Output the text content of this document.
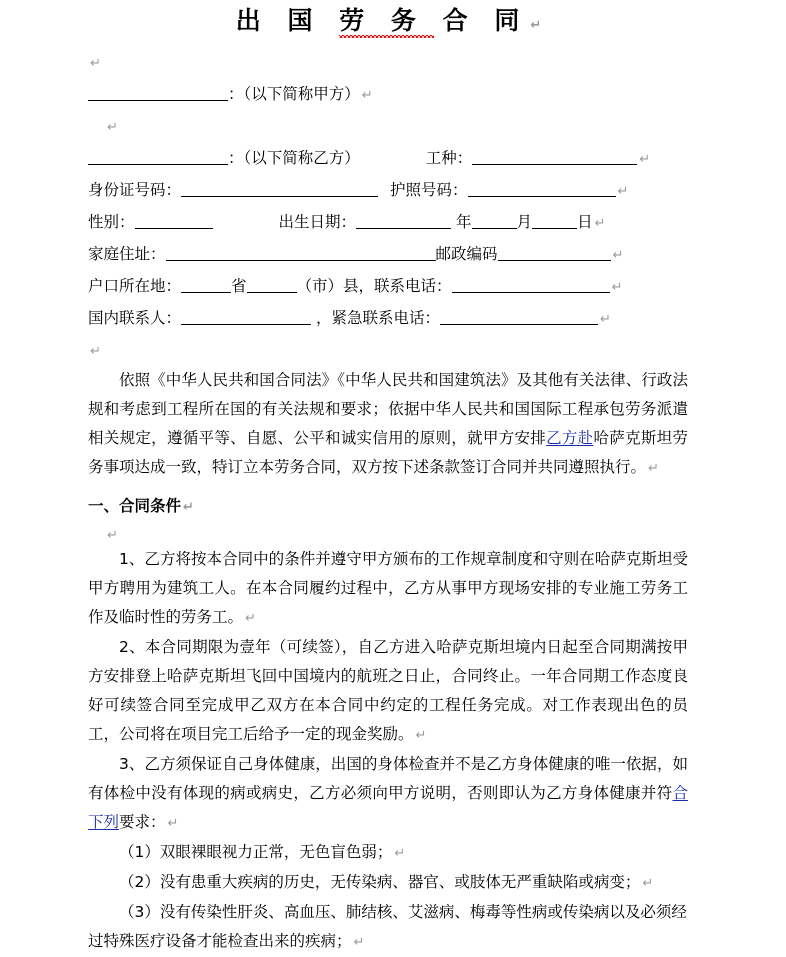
出 国 劳 务 合 同 ↵
↵
：（以下简称甲方） ↵
↵
：（以下简称乙方）	工种：	↵
身份证号码：	护照号码：	↵
性别：	出生日期：	年	月	日 ↵
家庭住址：	邮政编码	↵
户口所在地：	省	（市）县，联系电话：	↵
国内联系人：	，紧急联系电话：	↵
↵

依照《中华人民共和国合同法》《中华人民共和国建筑法》及其他有关法律、行政法规和考虑到工程所在国的有关法规和要求；依据中华人民共和国国际工程承包劳务派遣相关规定，遵循平等、自愿、公平和诚实信用的原则，就甲方安排乙方赴哈萨克斯坦劳务事项达成一致，特订立本劳务合同，双方按下述条款签订合同并共同遵照执行。 ↵

一、合同条件 ↵
↵

1、乙方将按本合同中的条件并遵守甲方颁布的工作规章制度和守则在哈萨克斯坦受甲方聘用为建筑工人。在本合同履约过程中，乙方从事甲方现场安排的专业施工劳务工作及临时性的劳务工。 ↵

2、本合同期限为壹年（可续签），自乙方进入哈萨克斯坦境内日起至合同期满按甲方安排登上哈萨克斯坦飞回中国境内的航班之日止，合同终止。一年合同期工作态度良好可续签合同至完成甲乙双方在本合同中约定的工程任务完成。对工作表现出色的员工，公司将在项目完工后给予一定的现金奖励。 ↵

3、乙方须保证自己身体健康，出国的身体检查并不是乙方身体健康的唯一依据，如有体检中没有体现的病或病史，乙方必须向甲方说明，否则即认为乙方身体健康并符合下列要求： ↵

（1）双眼裸眼视力正常，无色盲色弱； ↵

（2）没有患重大疾病的历史，无传染病、器官、或肢体无严重缺陷或病变； ↵

（3）没有传染性肝炎、高血压、肺结核、艾滋病、梅毒等性病或传染病以及必须经过特殊医疗设备才能检查出来的疾病； ↵
